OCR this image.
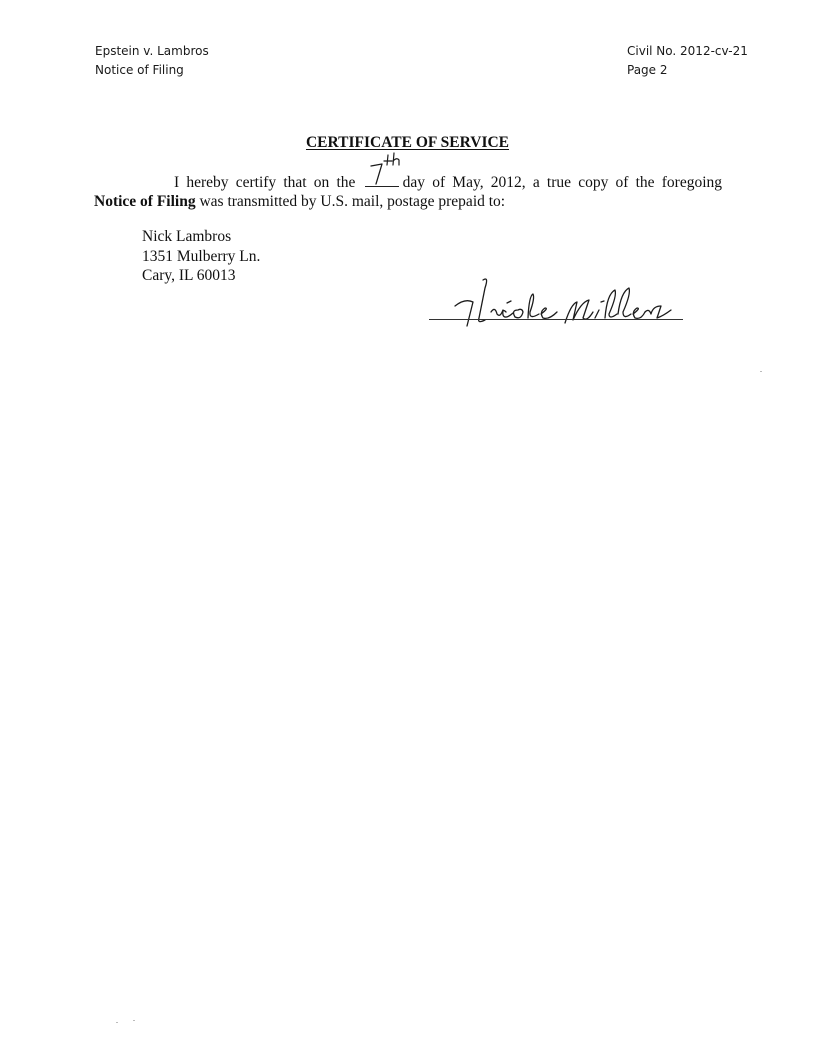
Epstein v. Lambros
Notice of Filing
Civil No. 2012-cv-21
Page 2
CERTIFICATE OF SERVICE
I hereby certify that on the	day of May, 2012, a true copy of the foregoing
Notice of Filing was transmitted by U.S. mail, postage prepaid to:
Nick Lambros
1351 Mulberry Ln.
Cary, IL 60013
